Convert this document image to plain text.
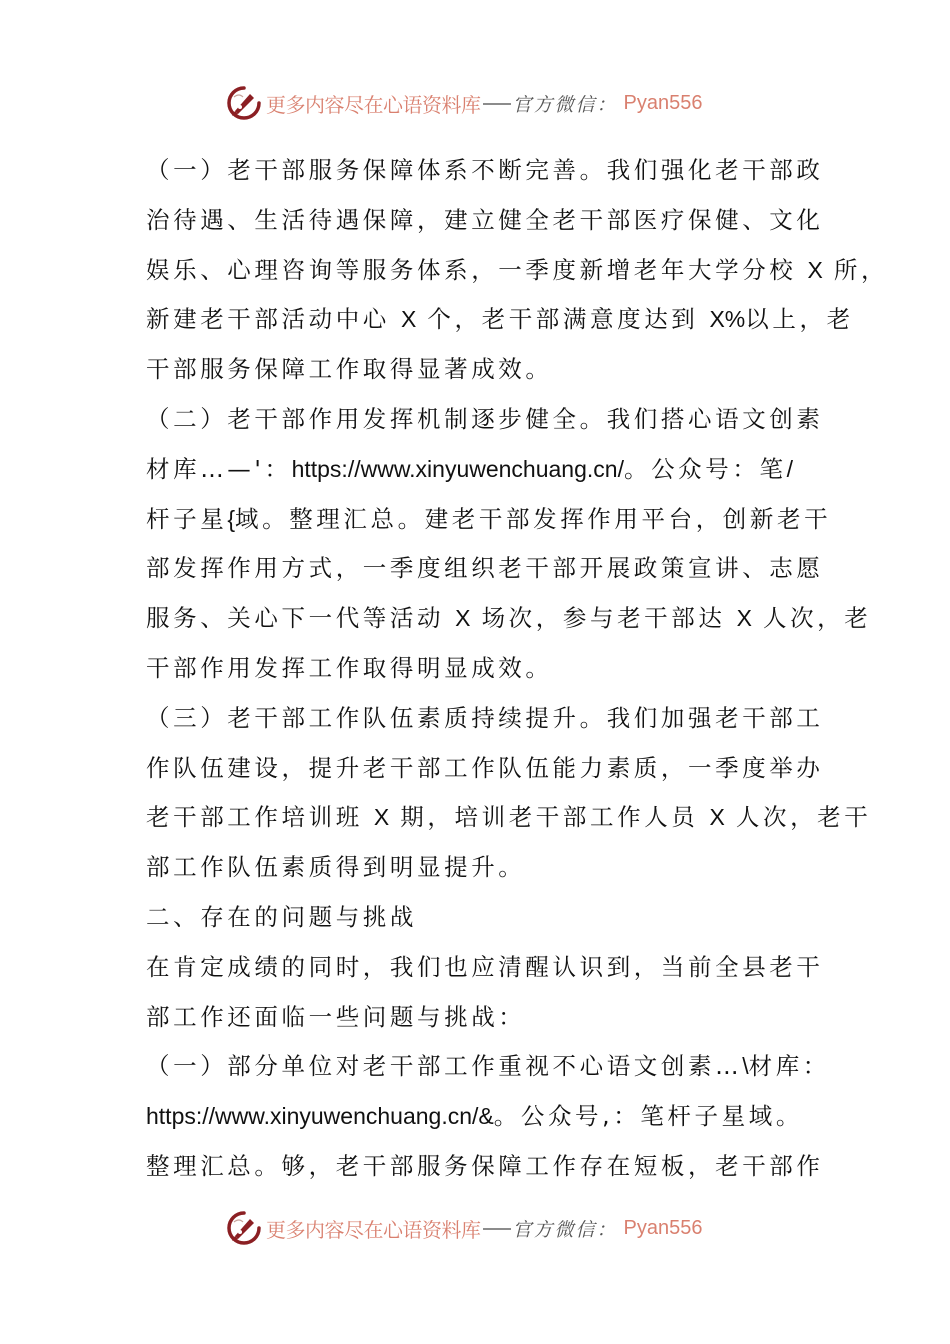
更多内容尽在心语资料库 官方微信： Pyan556
（一）老干部服务保障体系不断完善。我们强化老干部政
治待遇、生活待遇保障，建立健全老干部医疗保健、文化
娱乐、心理咨询等服务体系，一季度新增老年大学分校 X 所，
新建老干部活动中心 X 个，老干部满意度达到 X%以上，老
干部服务保障工作取得显著成效。
（二）老干部作用发挥机制逐步健全。我们搭心语文创素
材库…—'：https://www.xinyuwenchuang.cn/。公众号：笔/
杆子星{域。整理汇总。建老干部发挥作用平台，创新老干
部发挥作用方式，一季度组织老干部开展政策宣讲、志愿
服务、关心下一代等活动 X 场次，参与老干部达 X 人次，老
干部作用发挥工作取得明显成效。
（三）老干部工作队伍素质持续提升。我们加强老干部工
作队伍建设，提升老干部工作队伍能力素质，一季度举办
老干部工作培训班 X 期，培训老干部工作人员 X 人次，老干
部工作队伍素质得到明显提升。
二、存在的问题与挑战
在肯定成绩的同时，我们也应清醒认识到，当前全县老干
部工作还面临一些问题与挑战：
（一）部分单位对老干部工作重视不心语文创素…\材库：
https://www.xinyuwenchuang.cn/&。公众号,：笔杆子星域。
整理汇总。够，老干部服务保障工作存在短板，老干部作
更多内容尽在心语资料库 官方微信： Pyan556
